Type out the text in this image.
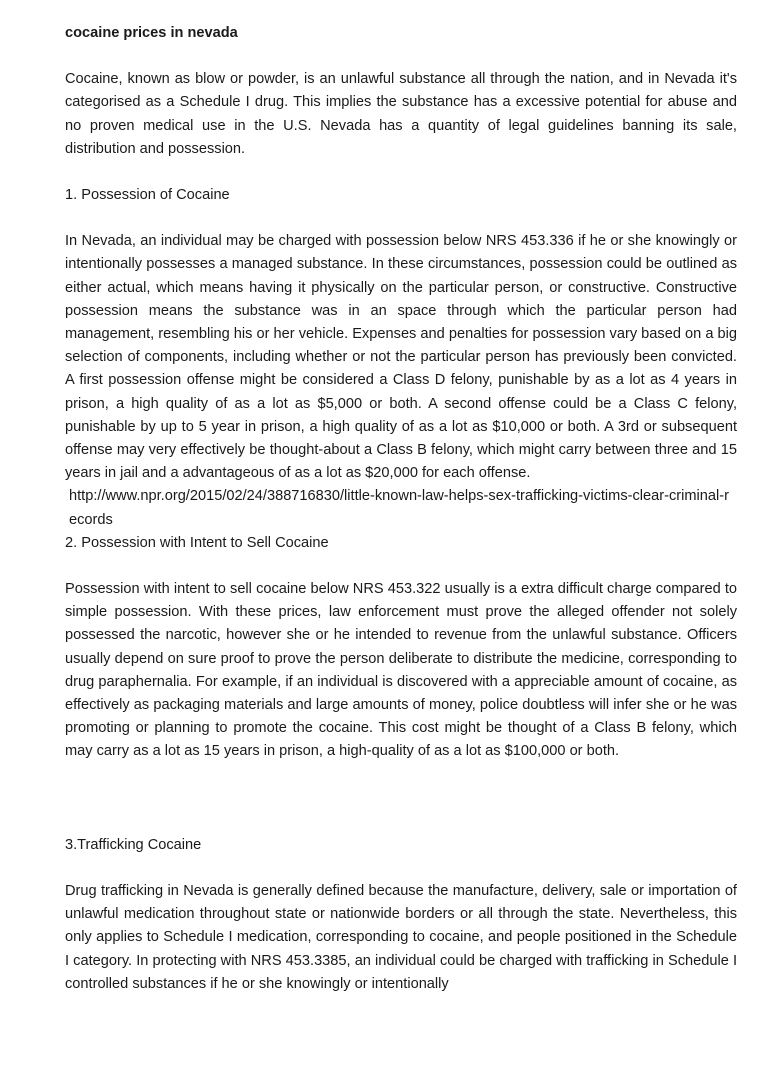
cocaine prices in nevada

Cocaine, known as blow or powder, is an unlawful substance all through the nation, and in Nevada it's categorised as a Schedule I drug. This implies the substance has a excessive potential for abuse and no proven medical use in the U.S. Nevada has a quantity of legal guidelines banning its sale, distribution and possession.

1. Possession of Cocaine

In Nevada, an individual may be charged with possession below NRS 453.336 if he or she knowingly or intentionally possesses a managed substance. In these circumstances, possession could be outlined as either actual, which means having it physically on the particular person, or constructive. Constructive possession means the substance was in an space through which the particular person had management, resembling his or her vehicle. Expenses and penalties for possession vary based on a big selection of components, including whether or not the particular person has previously been convicted. A first possession offense might be considered a Class D felony, punishable by as a lot as 4 years in prison, a high quality of as a lot as $5,000 or both. A second offense could be a Class C felony, punishable by up to 5 year in prison, a high quality of as a lot as $10,000 or both. A 3rd or subsequent offense may very effectively be thought-about a Class B felony, which might carry between three and 15 years in jail and a advantageous of as a lot as $20,000 for each offense.

http://www.npr.org/2015/02/24/388716830/little-known-law-helps-sex-trafficking-victims-clear-criminal-records

2. Possession with Intent to Sell Cocaine

Possession with intent to sell cocaine below NRS 453.322 usually is a extra difficult charge compared to simple possession. With these prices, law enforcement must prove the alleged offender not solely possessed the narcotic, however she or he intended to revenue from the unlawful substance. Officers usually depend on sure proof to prove the person deliberate to distribute the medicine, corresponding to drug paraphernalia. For example, if an individual is discovered with a appreciable amount of cocaine, as effectively as packaging materials and large amounts of money, police doubtless will infer she or he was promoting or planning to promote the cocaine. This cost might be thought of a Class B felony, which may carry as a lot as 15 years in prison, a high-quality of as a lot as $100,000 or both.

3.Trafficking Cocaine

Drug trafficking in Nevada is generally defined because the manufacture, delivery, sale or importation of unlawful medication throughout state or nationwide borders or all through the state. Nevertheless, this only applies to Schedule I medication, corresponding to cocaine, and people positioned in the Schedule I category. In protecting with NRS 453.3385, an individual could be charged with trafficking in Schedule I controlled substances if he or she knowingly or intentionally
